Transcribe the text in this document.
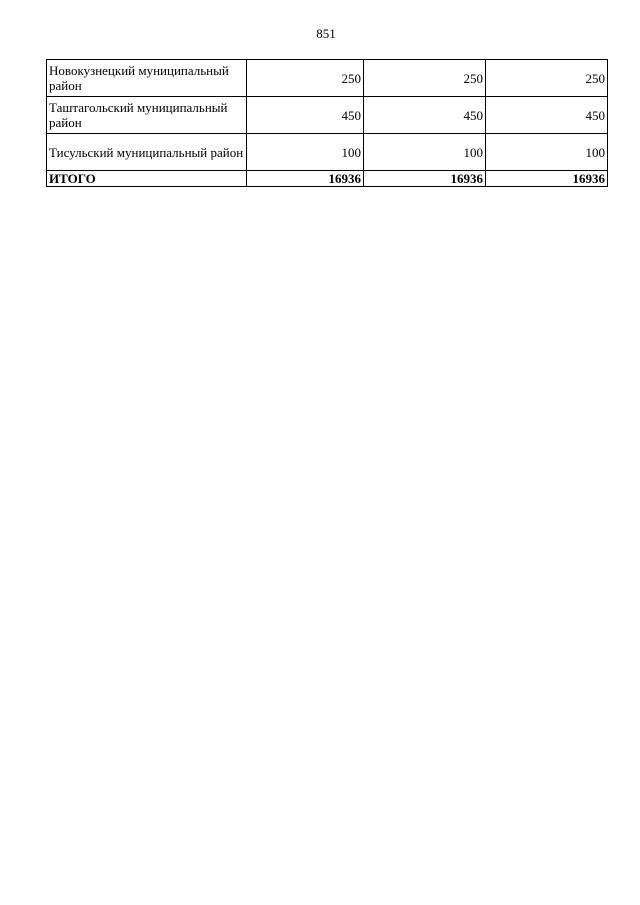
851
Новокузнецкий муниципальный район	250	250	250
Таштагольский муниципальный район	450	450	450
Тисульский муниципальный район	100	100	100
ИТОГО	16936	16936	16936
